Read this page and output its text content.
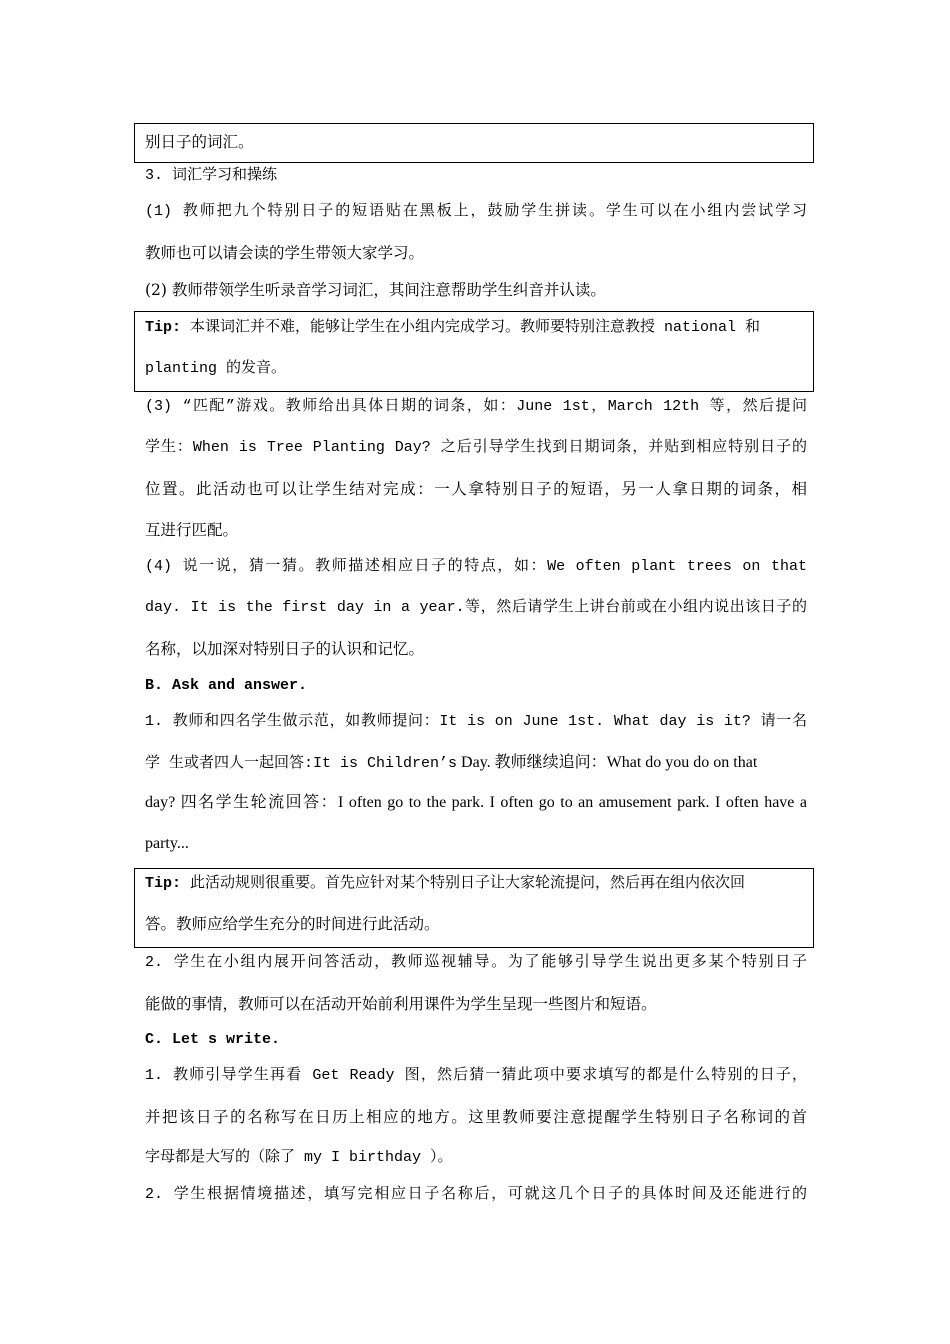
别日子的词汇。
3. 词汇学习和操练
(1) 教师把九个特别日子的短语贴在黑板上，鼓励学生拼读。学生可以在小组内尝试学习
教师也可以请会读的学生带领大家学习。
(2) 教师带领学生听录音学习词汇，其间注意帮助学生纠音并认读。
Tip: 本课词汇并不难，能够让学生在小组内完成学习。教师要特别注意教授 national 和
planting 的发音。
(3) “匹配”游戏。教师给出具体日期的词条，如：June 1st，March 12th 等，然后提问
学生：When is Tree Planting Day? 之后引导学生找到日期词条，并贴到相应特别日子的
位置。此活动也可以让学生结对完成：一人拿特别日子的短语，另一人拿日期的词条，相
互进行匹配。
(4) 说一说，猜一猜。教师描述相应日子的特点，如：We often plant trees on that
day. It is the first day in a year.等，然后请学生上讲台前或在小组内说出该日子的
名称，以加深对特别日子的认识和记忆。
B. Ask and answer.
1. 教师和四名学生做示范，如教师提问：It is on June 1st. What day is it? 请一名
学 生或者四人一起回答:It is Children’s Day. 教师继续追问：What do you do on that
day? 四名学生轮流回答：I often go to the park. I often go to an amusement park. I often have a
party...
Tip: 此活动规则很重要。首先应针对某个特别日子让大家轮流提问，然后再在组内依次回
答。教师应给学生充分的时间进行此活动。
2. 学生在小组内展开问答活动，教师巡视辅导。为了能够引导学生说出更多某个特别日子
能做的事情，教师可以在活动开始前利用课件为学生呈现一些图片和短语。
C. Let s write.
1. 教师引导学生再看 Get Ready 图，然后猜一猜此项中要求填写的都是什么特别的日子，
并把该日子的名称写在日历上相应的地方。这里教师要注意提醒学生特别日子名称词的首
字母都是大写的（除了 my I birthday ）。
2. 学生根据情境描述，填写完相应日子名称后，可就这几个日子的具体时间及还能进行的
